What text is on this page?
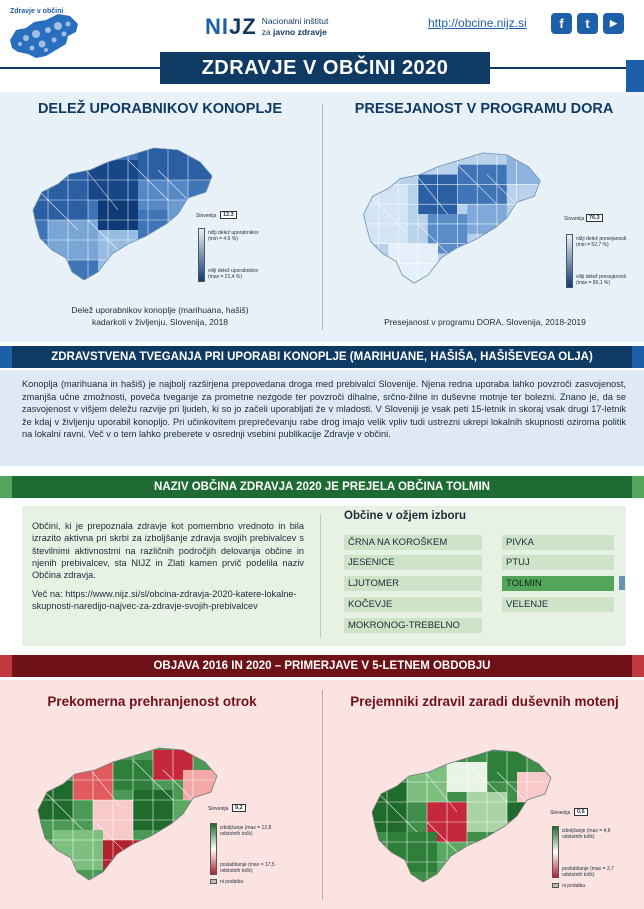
Zdravje v občini
NIJZ Nacionalni inštitut
za javno zdravje
http://obcine.nijz.si	f	t	▶
ZDRAVJE V OBČINI 2020
DELEŽ UPORABNIKOV KONOPLJE	PRESEJANOST V PROGRAMU DORA
Slovenija	12.3
nižji delež uporabnikov (min = 4,6 %)
višji delež uporabnikov (max = 21,4 %)
Delež uporabnikov konoplje (marihuana, hašiš)
kadarkoli v življenju, Slovenija, 2018
Slovenija 76,3
nižji delež presejanosti (min = 52,7 %)
višji delež presejanosti (max = 90,1 %)
Presejanost v programu DORA, Slovenija, 2018-2019
ZDRAVSTVENA TVEGANJA PRI UPORABI KONOPLJE (MARIHUANE, HAŠIŠA, HAŠIŠEVEGA OLJA)
Konoplja (marihuana in hašiš) je najbolj razširjena prepovedana droga med prebivalci Slovenije. Njena redna uporaba lahko povzroči zasvojenost, zmanjša učne zmožnosti, poveča tveganje za prometne nezgode ter povzroči dihalne, srčno-žilne in duševne motnje ter bolezni. Znano je, da se zasvojenost v višjem deležu razvije pri ljudeh, ki so jo začeli uporabljati že v mladosti. V Sloveniji je vsak peti 15-letnik in skoraj vsak drugi 17-letnik že kdaj v življenju uporabil konopljo. Pri učinkovitem preprečevanju rabe drog imajo velik vpliv tudi ustrezni ukrepi lokalnih skupnosti oziroma politik na lokalni ravni. Več v o tem lahko preberete v osrednji vsebini publikacije Zdravje v občini.
NAZIV OBČINA ZDRAVJA 2020 JE PREJELA OBČINA TOLMIN
Občini, ki je prepoznala zdravje kot pomembno vrednoto in bila izrazito aktivna pri skrbi za izboljšanje zdravja svojih prebivalcev s številnimi aktivnostmi na različnih področjih delovanja občine in njenih prebivalcev, sta NIJZ in Zlati kamen prvič podelila naziv Občina zdravja.
Več na: https://www.nijz.si/sl/obcina-zdravja-2020-katere-lokalne-skupnosti-naredijo-najvec-za-zdravje-svojih-prebivalcev
Občine v ožjem izboru
ČRNA NA KOROŠKEM
JESENICE
LJUTOMER
KOČEVJE
MOKRONOG-TREBELNO
PIVKA
PTUJ
TOLMIN
VELENJE
OBJAVA 2016 IN 2020 – PRIMERJAVE V 5-LETNEM OBDOBJU
Prekomerna prehranjenost otrok	Prejemniki zdravil zaradi duševnih motenj
Slovenija	9,2
izboljšanje (max = 12,8 odstotnih točk)
poslabšanje (max = 17,5 odstotnih točk)
ni podatka
Slovenija	0,6
izboljšanje (max = 4,6 odstotnih točk)
poslabšanje (max = 3,7 odstotnih točk)
ni podatka
